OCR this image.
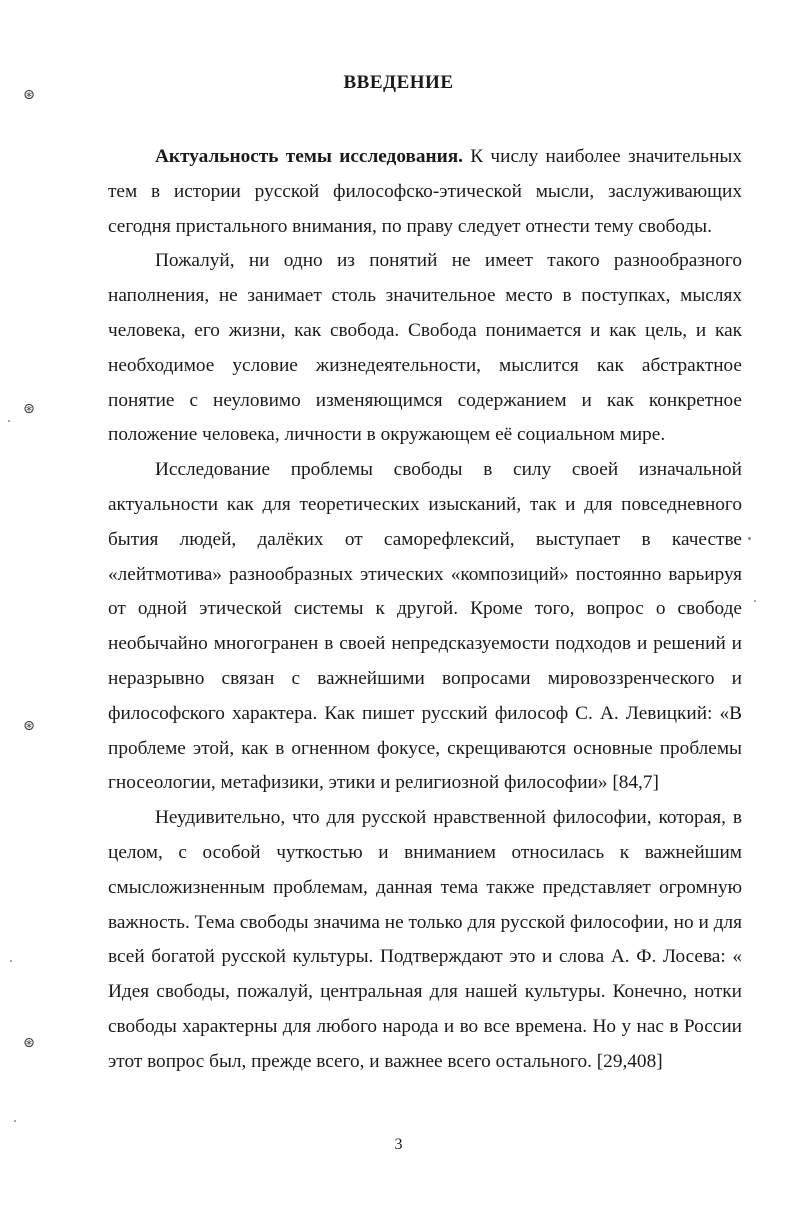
⊛
⊛
⊛
⊛
ВВЕДЕНИЕ

Актуальность темы исследования. К числу наиболее значительных тем в истории русской философско-этической мысли, заслуживающих сегодня пристального внимания, по праву следует отнести тему свободы.

Пожалуй, ни одно из понятий не имеет такого разнообразного наполнения, не занимает столь значительное место в поступках, мыслях человека, его жизни, как свобода. Свобода понимается и как цель, и как необходимое условие жизнедеятельности, мыслится как абстрактное понятие с неуловимо изменяющимся содержанием и как конкретное положение человека, личности в окружающем её социальном мире.

Исследование проблемы свободы в силу своей изначальной актуальности как для теоретических изысканий, так и для повседневного бытия людей, далёких от саморефлексий, выступает в качестве «лейтмотива» разнообразных этических «композиций» постоянно варьируя от одной этической системы к другой. Кроме того, вопрос о свободе необычайно многогранен в своей непредсказуемости подходов и решений и неразрывно связан с важнейшими вопросами мировоззренческого и философского характера. Как пишет русский философ С. А. Левицкий: «В проблеме этой, как в огненном фокусе, скрещиваются основные проблемы гносеологии, метафизики, этики и религиозной философии» [84,7]

Неудивительно, что для русской нравственной философии, которая, в целом, с особой чуткостью и вниманием относилась к важнейшим смысложизненным проблемам, данная тема также представляет огромную важность. Тема свободы значима не только для русской философии, но и для всей богатой русской культуры. Подтверждают это и слова А. Ф. Лосева: « Идея свободы, пожалуй, центральная для нашей культуры. Конечно, нотки свободы характерны для любого народа и во все времена. Но у нас в России этот вопрос был, прежде всего, и важнее всего остального. [29,408]

3
